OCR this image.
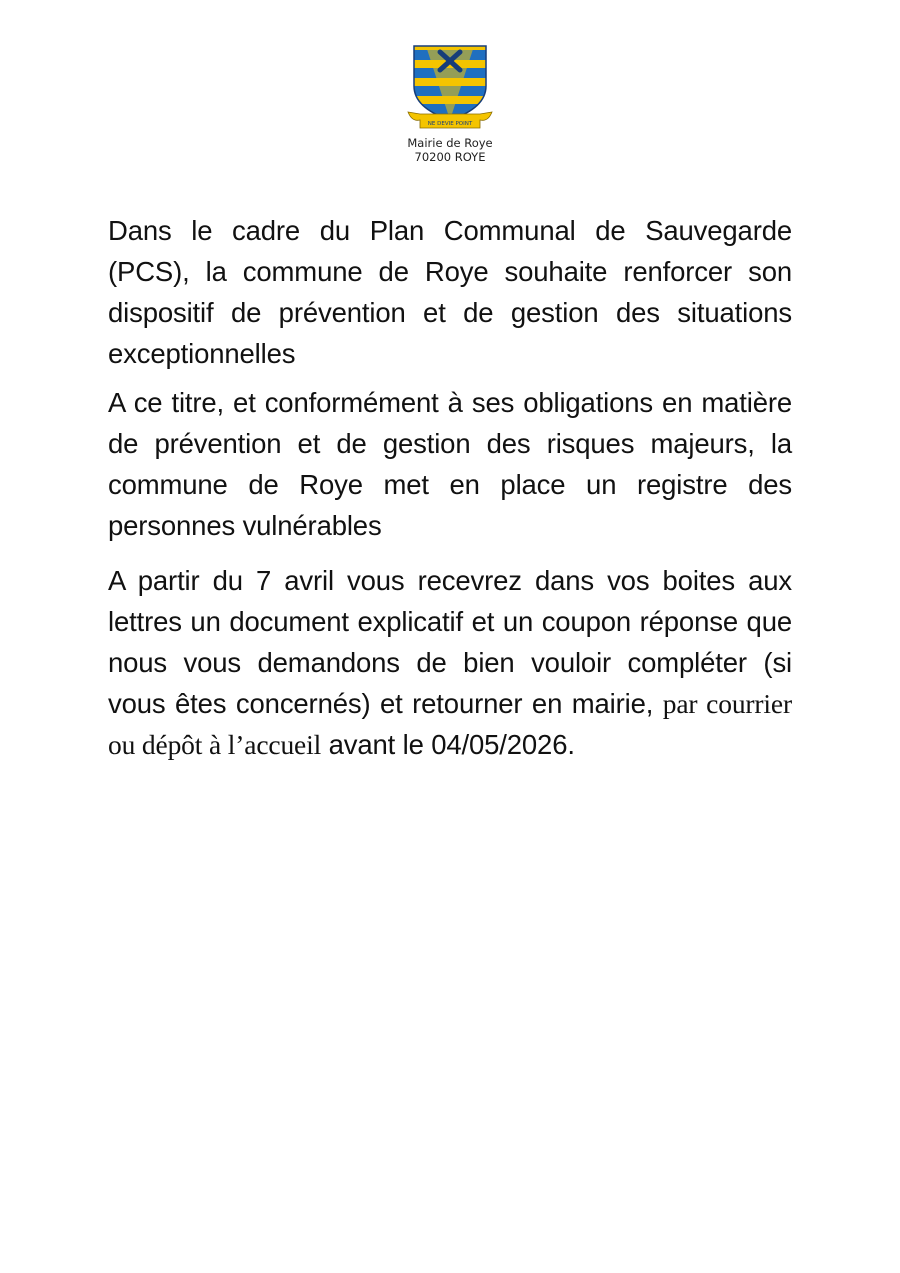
NE DEVIE POINT
Mairie de Roye
70200 ROYE

Dans le cadre du Plan Communal de Sauvegarde (PCS), la commune de Roye souhaite renforcer son dispositif de prévention et de gestion des situations exceptionnelles

A ce titre, et conformément à ses obligations en matière de prévention et de gestion des risques majeurs, la commune de Roye met en place un registre des personnes vulnérables

A partir du 7 avril vous recevrez dans vos boites aux lettres un document explicatif et un coupon réponse que nous vous demandons de bien vouloir compléter (si vous êtes concernés) et retourner en mairie, par courrier ou dépôt à l’accueil avant le 04/05/2026.
